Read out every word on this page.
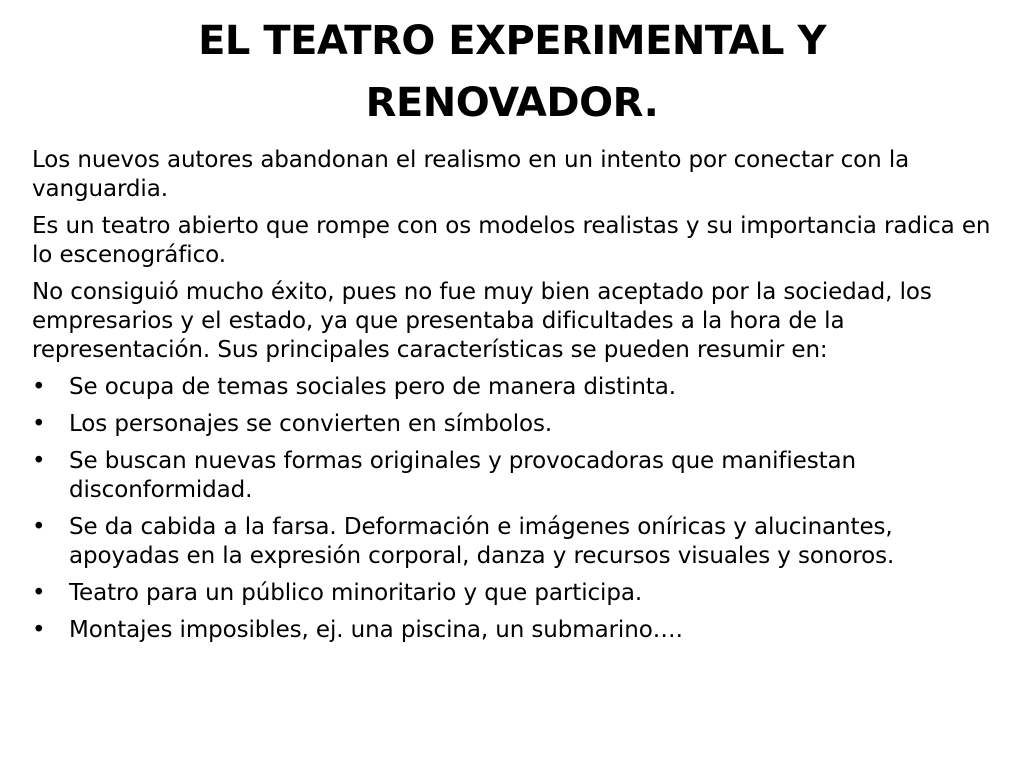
EL TEATRO EXPERIMENTAL Y
RENOVADOR.

Los nuevos autores abandonan el realismo en un intento por conectar con la vanguardia.

Es un teatro abierto que rompe con os modelos realistas y su importancia radica en lo escenográfico.

No consiguió mucho éxito, pues no fue muy bien aceptado por la sociedad, los empresarios y el estado, ya que presentaba dificultades a la hora de la representación. Sus principales características se pueden resumir en:

• Se ocupa de temas sociales pero de manera distinta.
• Los personajes se convierten en símbolos.
• Se buscan nuevas formas originales y provocadoras que manifiestan disconformidad.
• Se da cabida a la farsa. Deformación e imágenes oníricas y alucinantes, apoyadas en la expresión corporal, danza y recursos visuales y sonoros.
• Teatro para un público minoritario y que participa.
• Montajes imposibles, ej. una piscina, un submarino….
